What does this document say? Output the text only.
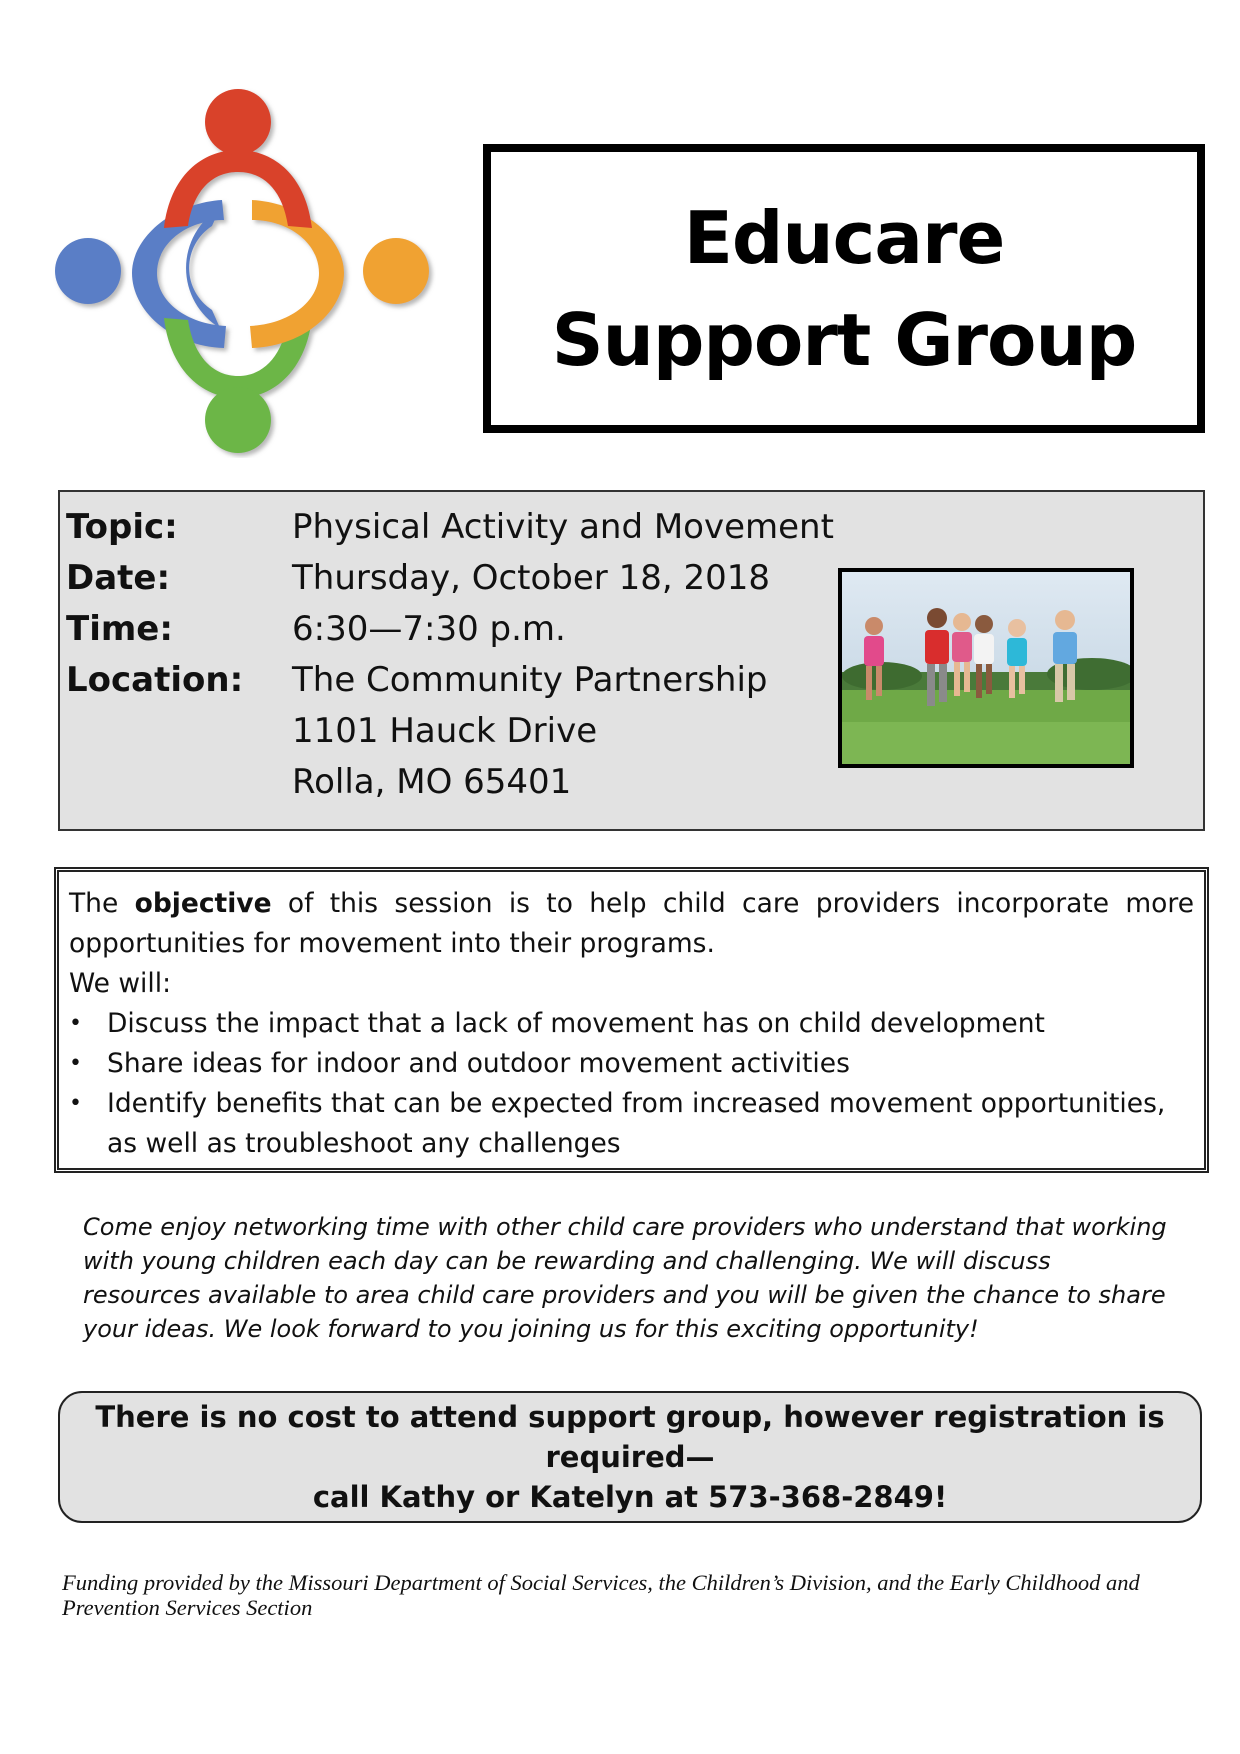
Educare
Support Group
Topic:	Physical Activity and Movement
Date:	Thursday, October 18, 2018
Time:	6:30—7:30 p.m.
Location: The Community Partnership
1101 Hauck Drive
Rolla, MO 65401
The objective of this session is to help child care providers incorporate more opportunities for movement into their programs.
We will:
• Discuss the impact that a lack of movement has on child development
• Share ideas for indoor and outdoor movement activities
• Identify benefits that can be expected from increased movement opportunities, as well as troubleshoot any challenges
Come enjoy networking time with other child care providers who understand that working with young children each day can be rewarding and challenging. We will discuss resources available to area child care providers and you will be given the chance to share your ideas. We look forward to you joining us for this exciting opportunity!
There is no cost to attend support group, however registration is required—
call Kathy or Katelyn at 573-368-2849!
Funding provided by the Missouri Department of Social Services, the Children’s Division, and the Early Childhood and Prevention Services Section
